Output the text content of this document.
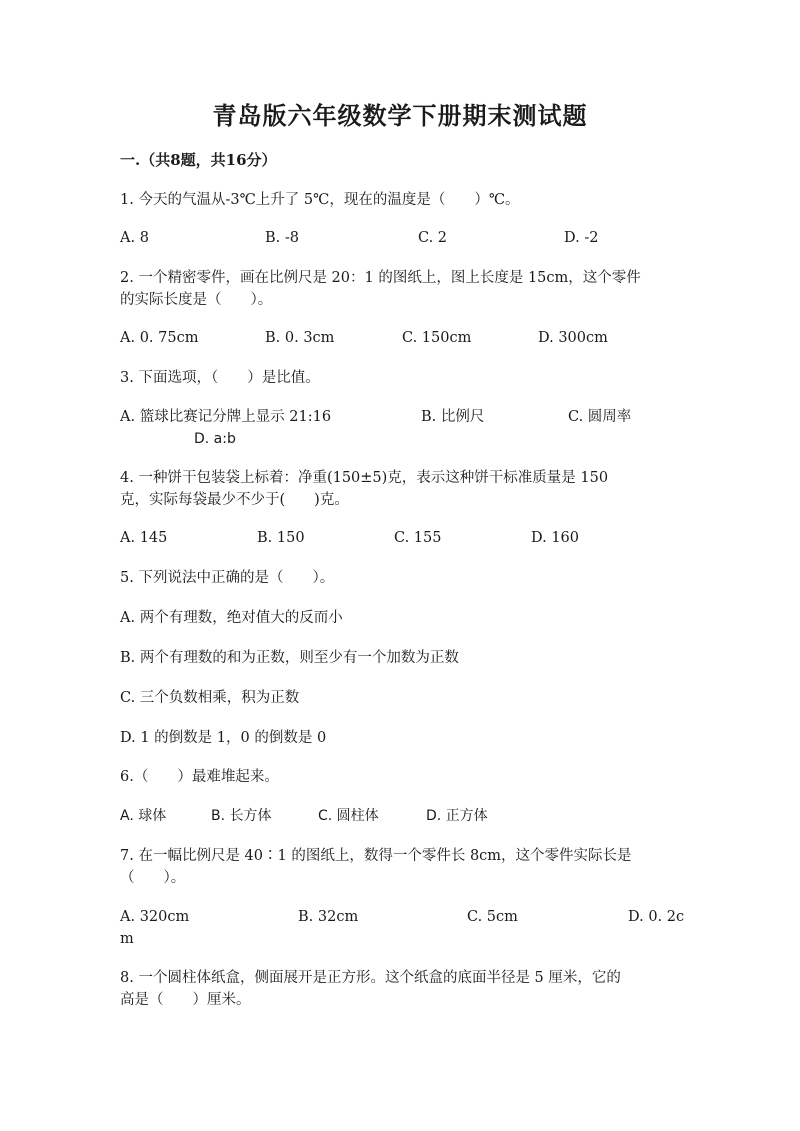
青岛版六年级数学下册期末测试题
一.（共8题，共16分）
1. 今天的气温从-3℃上升了 5℃，现在的温度是（　　）℃。
A. 8	B. -8	C. 2	D. -2
2. 一个精密零件，画在比例尺是 20：1 的图纸上，图上长度是 15cm，这个零件
的实际长度是（　　）。
A. 0. 75cm	B. 0. 3cm	C. 150cm	D. 300cm
3. 下面选项，（　　）是比值。
A. 篮球比赛记分牌上显示 21:16	B. 比例尺	C. 圆周率
D. a:b
4. 一种饼干包装袋上标着：净重(150±5)克，表示这种饼干标准质量是 150
克，实际每袋最少不少于(　　)克。
A. 145	B. 150	C. 155	D. 160
5. 下列说法中正确的是（　　）。
A. 两个有理数，绝对值大的反而小
B. 两个有理数的和为正数，则至少有一个加数为正数
C. 三个负数相乘，积为正数
D. 1 的倒数是 1，0 的倒数是 0
6.（　　）最难堆起来。
A. 球体	B. 长方体	C. 圆柱体	D. 正方体
7. 在一幅比例尺是 40∶1 的图纸上，数得一个零件长 8cm，这个零件实际长是
（　　）。
A. 320cm	B. 32cm	C. 5cm	D. 0. 2c
m
8. 一个圆柱体纸盒，侧面展开是正方形。这个纸盒的底面半径是 5 厘米，它的
高是（　　）厘米。
